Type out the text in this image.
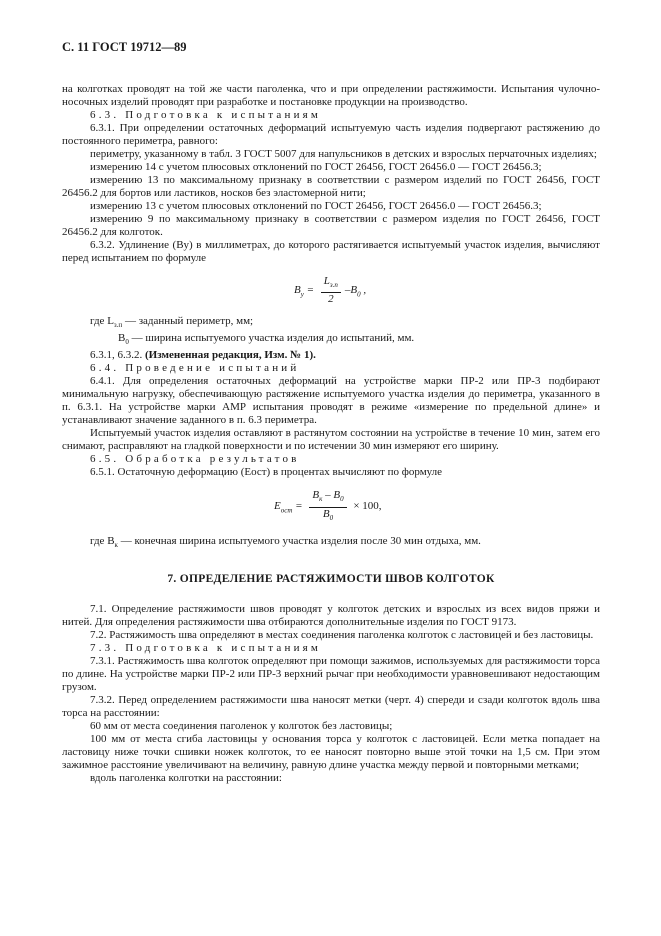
С. 11 ГОСТ 19712—89

на колготках проводят на той же части паголенка, что и при определении растяжимости. Испытания чулочно-носочных изделий проводят при разработке и постановке продукции на производство.

6.3. Подготовка к испытаниям

6.3.1. При определении остаточных деформаций испытуемую часть изделия подвергают растяжению до постоянного периметра, равного:

периметру, указанному в табл. 3 ГОСТ 5007 для напульсников в детских и взрослых перчаточных изделиях;

измерению 14 с учетом плюсовых отклонений по ГОСТ 26456, ГОСТ 26456.0 — ГОСТ 26456.3;

измерению 13 по максимальному признаку в соответствии с размером изделий по ГОСТ 26456, ГОСТ 26456.2 для бортов или ластиков, носков без эластомерной нити;

измерению 13 с учетом плюсовых отклонений по ГОСТ 26456, ГОСТ 26456.0 — ГОСТ 26456.3;

измерению 9 по максимальному признаку в соответствии с размером изделия по ГОСТ 26456, ГОСТ 26456.2 для колготок.

6.3.2. Удлинение (Bу) в миллиметрах, до которого растягивается испытуемый участок изделия, вычисляют перед испытанием по формуле

$B_у = \frac{L_{з.п}}{2} -B_0$ ,

где $L_{з.п}$ — заданный периметр, мм;

$B_0$ — ширина испытуемого участка изделия до испытаний, мм.

6.3.1, 6.3.2. (Измененная редакция, Изм. № 1).

6.4. Проведение испытаний

6.4.1. Для определения остаточных деформаций на устройстве марки ПР-2 или ПР-3 подбирают минимальную нагрузку, обеспечивающую растяжение испытуемого участка изделия до периметра, указанного в п. 6.3.1. На устройстве марки АМР испытания проводят в режиме «измерение по предельной длине» и устанавливают значение заданного в п. 6.3 периметра.

Испытуемый участок изделия оставляют в растянутом состоянии на устройстве в течение 10 мин, затем его снимают, расправляют на гладкой поверхности и по истечении 30 мин измеряют его ширину.

6.5. Обработка результатов

6.5.1. Остаточную деформацию (Eост) в процентах вычисляют по формуле

$E_{ост} = \frac{B_к - B_0}{B_0} \times 100$,

где $B_к$ — конечная ширина испытуемого участка изделия после 30 мин отдыха, мм.

7. ОПРЕДЕЛЕНИЕ РАСТЯЖИМОСТИ ШВОВ КОЛГОТОК

7.1. Определение растяжимости швов проводят у колготок детских и взрослых из всех видов пряжи и нитей. Для определения растяжимости шва отбираются дополнительные изделия по ГОСТ 9173.

7.2. Растяжимость шва определяют в местах соединения паголенка колготок с ластовицей и без ластовицы.

7.3. Подготовка к испытаниям

7.3.1. Растяжимость шва колготок определяют при помощи зажимов, используемых для растяжимости торса по длине. На устройстве марки ПР-2 или ПР-3 верхний рычаг при необходимости уравновешивают недостающим грузом.

7.3.2. Перед определением растяжимости шва наносят метки (черт. 4) спереди и сзади колготок вдоль шва торса на расстоянии:

60 мм от места соединения паголенок у колготок без ластовицы;

100 мм от места сгиба ластовицы у основания торса у колготок с ластовицей. Если метка попадает на ластовицу ниже точки сшивки ножек колготок, то ее наносят повторно выше этой точки на 1,5 см. При этом зажимное расстояние увеличивают на величину, равную длине участка между первой и повторными метками;

вдоль паголенка колготки на расстоянии:
